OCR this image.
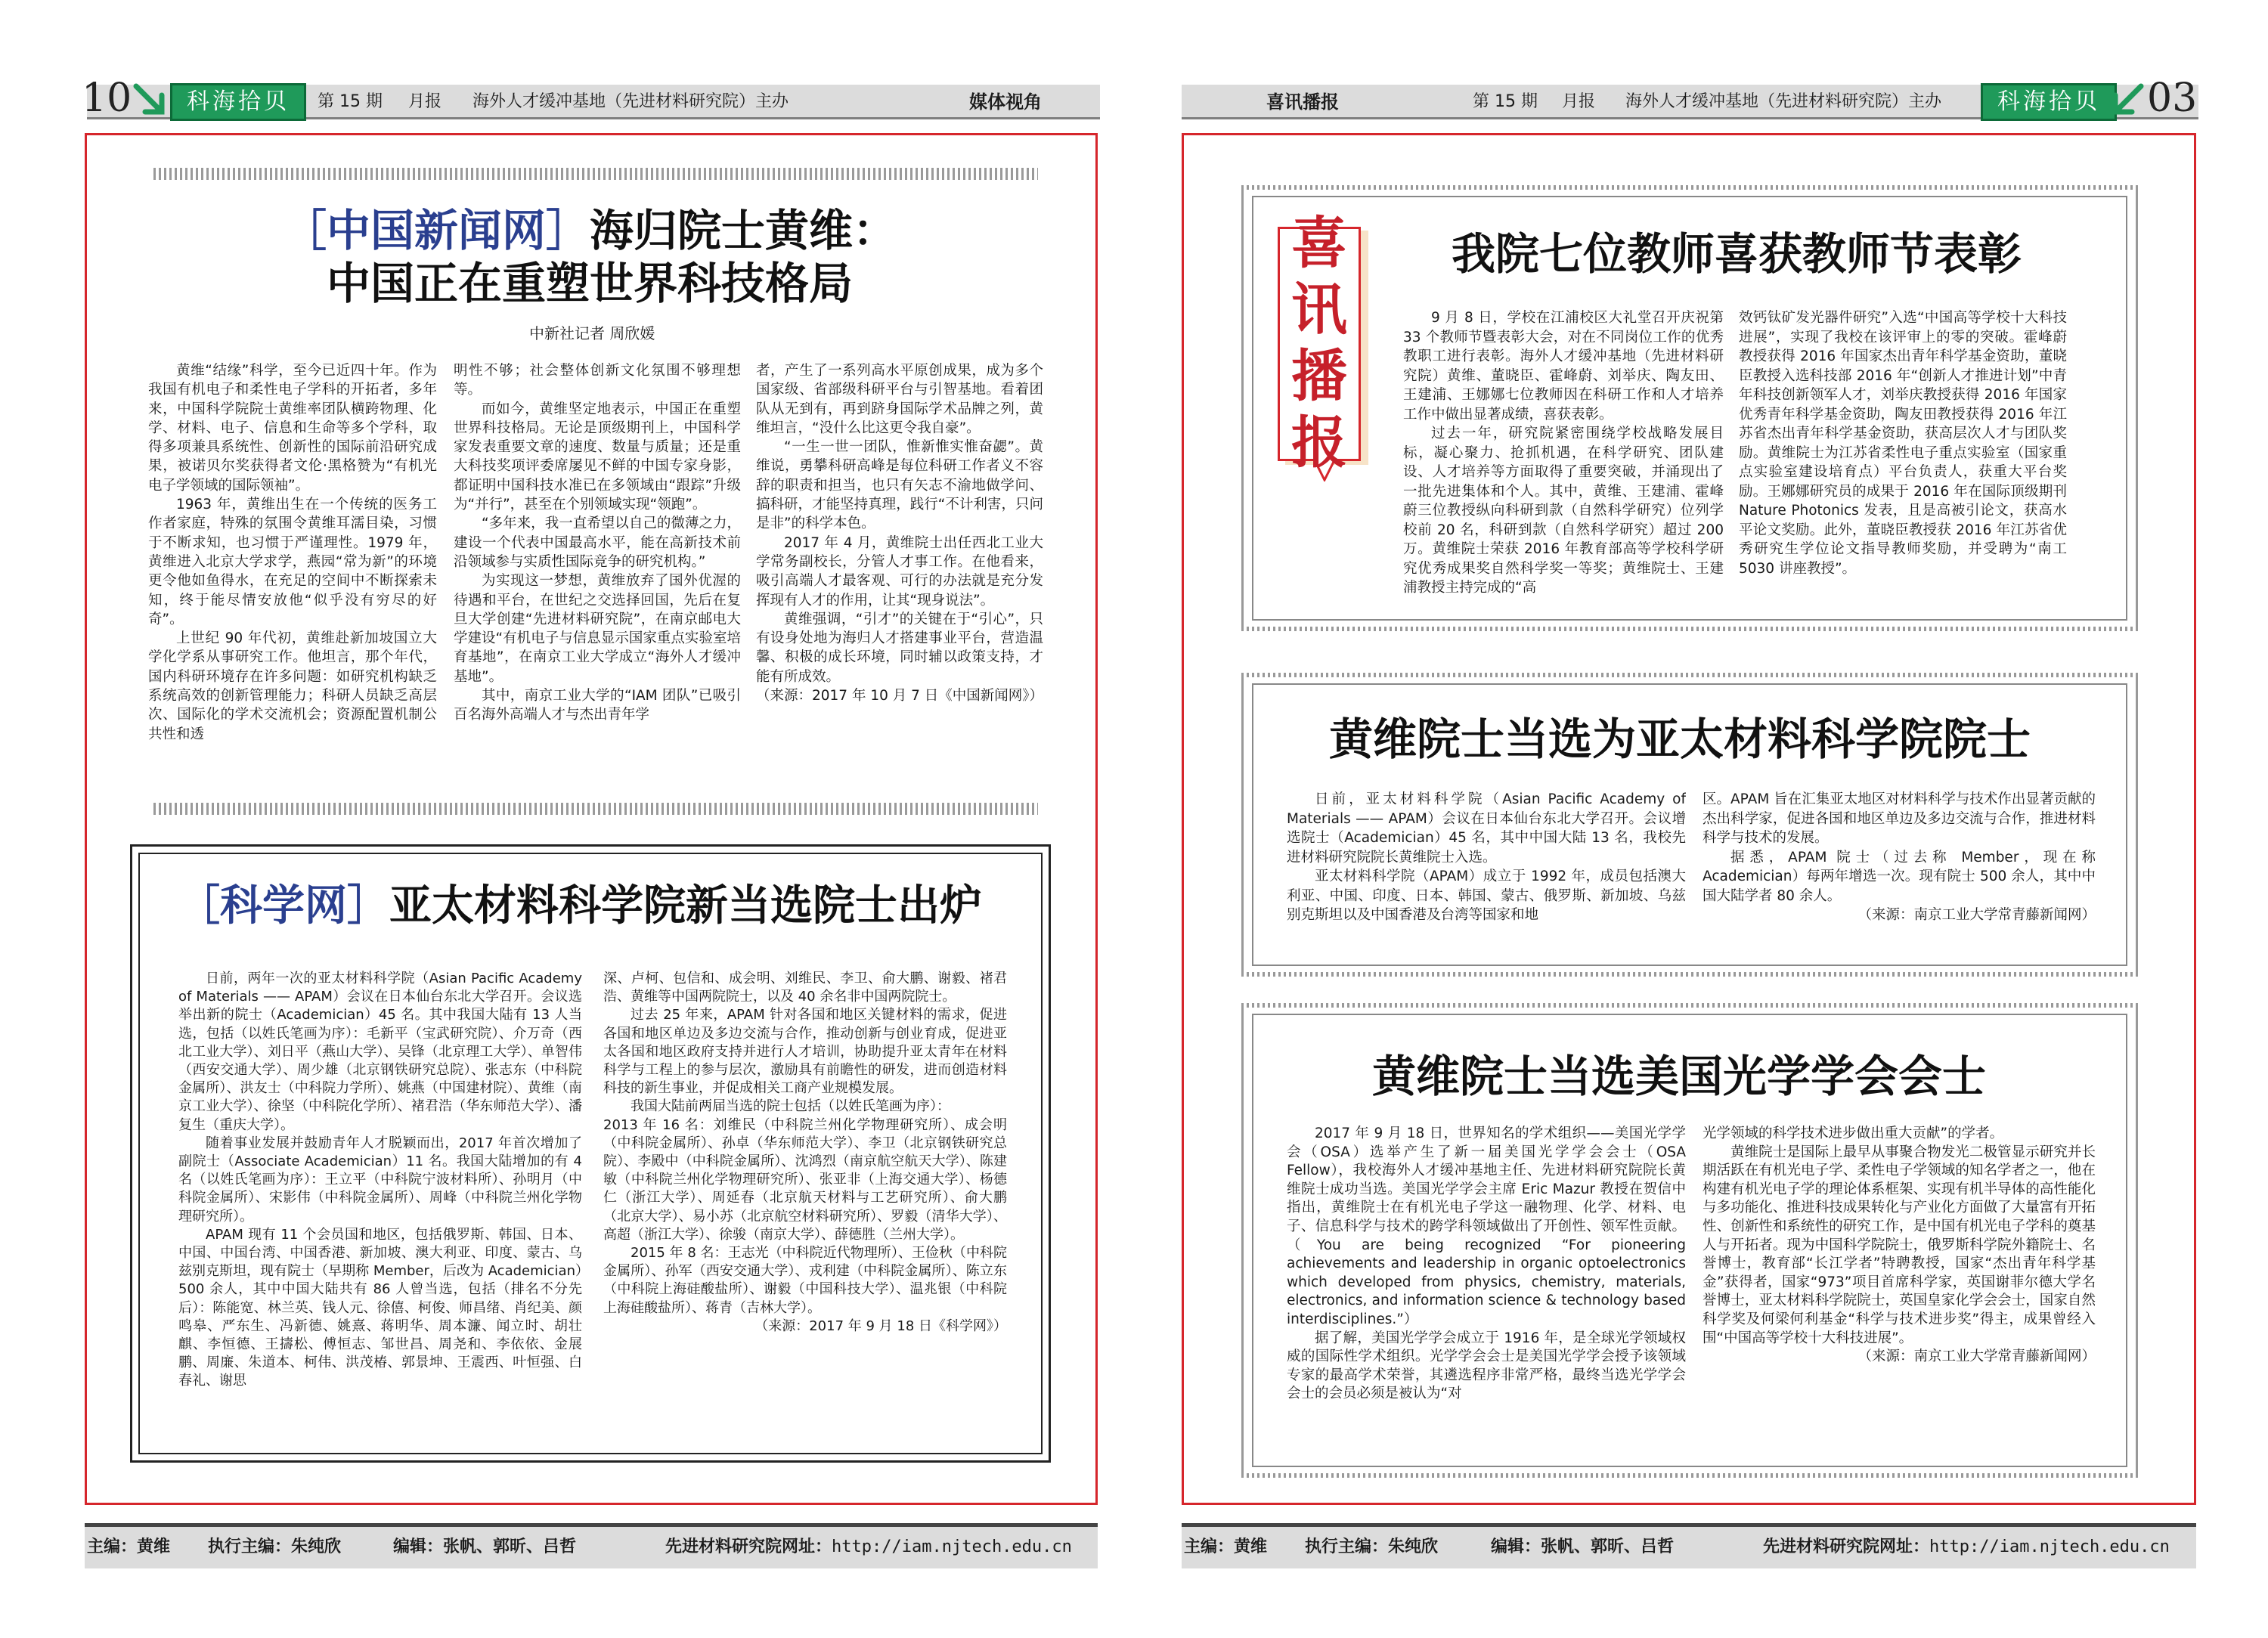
10	科海拾贝	第 15 期 月报 海外人才缓冲基地（先进材料研究院）主办	媒体视角
［中国新闻网］海归院士黄维：
中国正在重塑世界科技格局
中新社记者 周欣媛

黄维“结缘”科学，至今已近四十年。作为我国有机电子和柔性电子学科的开拓者，多年来，中国科学院院士黄维率团队横跨物理、化学、材料、电子、信息和生命等多个学科，取得多项兼具系统性、创新性的国际前沿研究成果，被诺贝尔奖获得者文伦·黑格赞为“有机光电子学领域的国际领袖”。

1963 年，黄维出生在一个传统的医务工作者家庭，特殊的氛围令黄维耳濡目染，习惯于不断求知，也习惯于严谨理性。1979 年，黄维进入北京大学求学，燕园“常为新”的环境更令他如鱼得水，在充足的空间中不断探索未知，终于能尽情安放他“似乎没有穷尽的好奇”。

上世纪 90 年代初，黄维赴新加坡国立大学化学系从事研究工作。他坦言，那个年代，国内科研环境存在许多问题：如研究机构缺乏系统高效的创新管理能力；科研人员缺乏高层次、国际化的学术交流机会；资源配置机制公共性和透

明性不够；社会整体创新文化氛围不够理想等。

而如今，黄维坚定地表示，中国正在重塑世界科技格局。无论是顶级期刊上，中国科学家发表重要文章的速度、数量与质量；还是重大科技奖项评委席屡见不鲜的中国专家身影，都证明中国科技水准已在多领域由“跟踪”升级为“并行”，甚至在个别领域实现“领跑”。

“多年来，我一直希望以自己的微薄之力，建设一个代表中国最高水平，能在高新技术前沿领域参与实质性国际竞争的研究机构。”

为实现这一梦想，黄维放弃了国外优渥的待遇和平台，在世纪之交选择回国，先后在复旦大学创建“先进材料研究院”，在南京邮电大学建设“有机电子与信息显示国家重点实验室培育基地”，在南京工业大学成立“海外人才缓冲基地”。

其中，南京工业大学的“IAM 团队”已吸引百名海外高端人才与杰出青年学

者，产生了一系列高水平原创成果，成为多个国家级、省部级科研平台与引智基地。看着团队从无到有，再到跻身国际学术品牌之列，黄维坦言，“没什么比这更令我自豪”。

“一生一世一团队，惟新惟实惟奋勰”。黄维说，勇攀科研高峰是每位科研工作者义不容辞的职责和担当，也只有矢志不渝地做学问、搞科研，才能坚持真理，践行“不计利害，只问是非”的科学本色。

2017 年 4 月，黄维院士出任西北工业大学常务副校长，分管人才事工作。在他看来，吸引高端人才最客观、可行的办法就是充分发挥现有人才的作用，让其“现身说法”。

黄维强调，“引才”的关键在于“引心”，只有设身处地为海归人才搭建事业平台，营造温馨、积极的成长环境，同时辅以政策支持，才能有所成效。

（来源：2017 年 10 月 7 日《中国新闻网》）

［科学网］亚太材料科学院新当选院士出炉

日前，两年一次的亚太材料科学院（Asian Pacific Academy of Materials —— APAM）会议在日本仙台东北大学召开。会议选举出新的院士（Academician）45 名。其中我国大陆有 13 人当选，包括（以姓氏笔画为序）：毛新平（宝武研究院）、介万奇（西北工业大学）、刘日平（燕山大学）、吴锋（北京理工大学）、单智伟（西安交通大学）、周少雄（北京钢铁研究总院）、张志东（中科院金属所）、洪友士（中科院力学所）、姚燕（中国建材院）、黄维（南京工业大学）、徐坚（中科院化学所）、褚君浩（华东师范大学）、潘复生（重庆大学）。

随着事业发展并鼓励青年人才脱颖而出，2017 年首次增加了副院士（Associate Academician）11 名。我国大陆增加的有 4 名（以姓氏笔画为序）：王立平（中科院宁波材料所）、孙明月（中科院金属所）、宋影伟（中科院金属所）、周峰（中科院兰州化学物理研究所）。

APAM 现有 11 个会员国和地区，包括俄罗斯、韩国、日本、中国、中国台湾、中国香港、新加坡、澳大利亚、印度、蒙古、乌兹别克斯坦，现有院士（早期称 Member，后改为 Academician）500 余人，其中中国大陆共有 86 人曾当选，包括（排名不分先后）：陈能宽、林兰英、钱人元、徐僖、柯俊、师昌绪、肖纪美、颜鸣皋、严东生、冯新德、姚熹、蒋明华、周本濂、闻立时、胡壮麒、李恒德、王擣松、傅恒志、邹世昌、周尧和、李依依、金展鹏、周廉、朱道本、柯伟、洪茂椿、郭景坤、王震西、叶恒强、白春礼、谢思

深、卢柯、包信和、成会明、刘维民、李卫、俞大鹏、谢毅、褚君浩、黄维等中国两院院士，以及 40 余名非中国两院院士。

过去 25 年来，APAM 针对各国和地区关键材料的需求，促进各国和地区单边及多边交流与合作，推动创新与创业育成，促进亚太各国和地区政府支持并进行人才培训，协助提升亚太青年在材料科学与工程上的参与层次，激励具有前瞻性的研发，进而创造材料科技的新生事业，并促成相关工商产业规模发展。

我国大陆前两届当选的院士包括（以姓氏笔画为序）：

2013 年 16 名：刘维民（中科院兰州化学物理研究所）、成会明（中科院金属所）、孙卓（华东师范大学）、李卫（北京钢铁研究总院）、李殿中（中科院金属所）、沈鸿烈（南京航空航天大学）、陈建敏（中科院兰州化学物理研究所）、张亚非（上海交通大学）、杨德仁（浙江大学）、周延春（北京航天材料与工艺研究所）、俞大鹏（北京大学）、易小苏（北京航空材料研究所）、罗毅（清华大学）、高超（浙江大学）、徐骏（南京大学）、薛德胜（兰州大学）。

2015 年 8 名：王志光（中科院近代物理所）、王俭秋（中科院金属所）、孙军（西安交通大学）、戎利建（中科院金属所）、陈立东（中科院上海硅酸盐所）、谢毅（中国科技大学）、温兆银（中科院上海硅酸盐所）、蒋青（吉林大学）。

（来源：2017 年 9 月 18 日《科学网》）

主编：黄维 执行主编：朱纯欣	编辑：张帆、郭昕、吕哲	先进材料研究院网址：http://iam.njtech.edu.cn
喜讯播报	第 15 期 月报 海外人才缓冲基地（先进材料研究院）主办	科海拾贝	03
喜讯播报
我院七位教师喜获教师节表彰

9 月 8 日，学校在江浦校区大礼堂召开庆祝第 33 个教师节暨表彰大会，对在不同岗位工作的优秀教职工进行表彰。海外人才缓冲基地（先进材料研究院）黄维、董晓臣、霍峰蔚、刘举庆、陶友田、王建浦、王娜娜七位教师因在科研工作和人才培养工作中做出显著成绩，喜获表彰。

过去一年，研究院紧密围绕学校战略发展目标，凝心聚力、抢抓机遇，在科学研究、团队建设、人才培养等方面取得了重要突破，并涌现出了一批先进集体和个人。其中，黄维、王建浦、霍峰蔚三位教授纵向科研到款（自然科学研究）位列学校前 20 名，科研到款（自然科学研究）超过 200 万。黄维院士荣获 2016 年教育部高等学校科学研究优秀成果奖自然科学奖一等奖；黄维院士、王建浦教授主持完成的“高

效钙钛矿发光器件研究”入选“中国高等学校十大科技进展”，实现了我校在该评审上的零的突破。霍峰蔚教授获得 2016 年国家杰出青年科学基金资助，董晓臣教授入选科技部 2016 年“创新人才推进计划”中青年科技创新领军人才，刘举庆教授获得 2016 年国家优秀青年科学基金资助，陶友田教授获得 2016 年江苏省杰出青年科学基金资助，获高层次人才与团队奖励。黄维院士为江苏省柔性电子重点实验室（国家重点实验室建设培育点）平台负责人，获重大平台奖励。王娜娜研究员的成果于 2016 年在国际顶级期刊 Nature Photonics 发表，且是高被引论文，获高水平论文奖励。此外，董晓臣教授获 2016 年江苏省优秀研究生学位论文指导教师奖励，并受聘为“南工 5030 讲座教授”。

黄维院士当选为亚太材料科学院院士

日前，亚太材料科学院（Asian Pacific Academy of Materials —— APAM）会议在日本仙台东北大学召开。会议增选院士（Academician）45 名，其中中国大陆 13 名，我校先进材料研究院院长黄维院士入选。

亚太材料科学院（APAM）成立于 1992 年，成员包括澳大利亚、中国、印度、日本、韩国、蒙古、俄罗斯、新加坡、乌兹别克斯坦以及中国香港及台湾等国家和地

区。APAM 旨在汇集亚太地区对材料科学与技术作出显著贡献的杰出科学家，促进各国和地区单边及多边交流与合作，推进材料科学与技术的发展。

据悉，APAM 院士（过去称 Member，现在称 Academician）每两年增选一次。现有院士 500 余人，其中中国大陆学者 80 余人。

（来源：南京工业大学常青藤新闻网）

黄维院士当选美国光学学会会士

2017 年 9 月 18 日，世界知名的学术组织——美国光学学会（OSA）选举产生了新一届美国光学学会会士（OSA Fellow），我校海外人才缓冲基地主任、先进材料研究院院长黄维院士成功当选。美国光学学会主席 Eric Mazur 教授在贺信中指出，黄维院士在有机光电子学这一融物理、化学、材料、电子、信息科学与技术的跨学科领域做出了开创性、领军性贡献。（You are being recognized “For pioneering achievements and leadership in organic optoelectronics which developed from physics, chemistry, materials, electronics, and information science & technology based interdisciplines.”）

据了解，美国光学学会成立于 1916 年，是全球光学领域权威的国际性学术组织。光学学会会士是美国光学学会授予该领域专家的最高学术荣誉，其遴选程序非常严格，最终当选光学学会会士的会员必须是被认为“对

光学领域的科学技术进步做出重大贡献”的学者。

黄维院士是国际上最早从事聚合物发光二极管显示研究并长期活跃在有机光电子学、柔性电子学领域的知名学者之一，他在构建有机光电子学的理论体系框架、实现有机半导体的高性能化与多功能化、推进科技成果转化与产业化方面做了大量富有开拓性、创新性和系统性的研究工作，是中国有机光电子学科的奠基人与开拓者。现为中国科学院院士，俄罗斯科学院外籍院士、名誉博士，教育部“长江学者”特聘教授，国家“杰出青年科学基金”获得者，国家“973”项目首席科学家，英国谢菲尔德大学名誉博士，亚太材料科学院院士，英国皇家化学会会士，国家自然科学奖及何梁何利基金“科学与技术进步奖”得主，成果曾经入围“中国高等学校十大科技进展”。

（来源：南京工业大学常青藤新闻网）

主编：黄维 执行主编：朱纯欣	编辑：张帆、郭昕、吕哲	先进材料研究院网址：http://iam.njtech.edu.cn
